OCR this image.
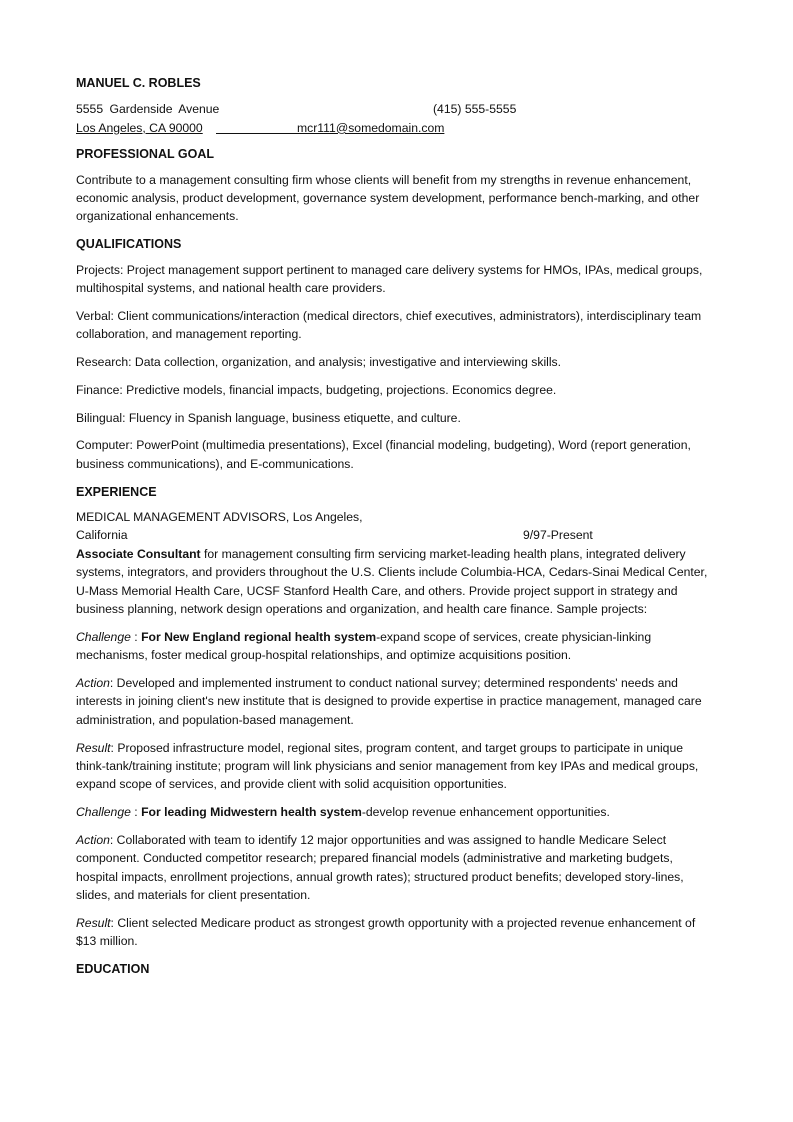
MANUEL C. ROBLES

5555 Gardenside Avenue	(415) 555-5555
Los Angeles, CA 90000	mcr111@somedomain.com

PROFESSIONAL GOAL

Contribute to a management consulting firm whose clients will benefit from my strengths in revenue enhancement, economic analysis, product development, governance system development, performance bench-marking, and other organizational enhancements.

QUALIFICATIONS

Projects: Project management support pertinent to managed care delivery systems for HMOs, IPAs, medical groups, multihospital systems, and national health care providers.

Verbal: Client communications/interaction (medical directors, chief executives, administrators), interdisciplinary team collaboration, and management reporting.

Research: Data collection, organization, and analysis; investigative and interviewing skills.

Finance: Predictive models, financial impacts, budgeting, projections. Economics degree.

Bilingual: Fluency in Spanish language, business etiquette, and culture.

Computer: PowerPoint (multimedia presentations), Excel (financial modeling, budgeting), Word (report generation, business communications), and E-communications.

EXPERIENCE

MEDICAL MANAGEMENT ADVISORS, Los Angeles,

California	9/97-Present

Associate Consultant for management consulting firm servicing market-leading health plans, integrated delivery systems, integrators, and providers throughout the U.S. Clients include Columbia-HCA, Cedars-Sinai Medical Center, U-Mass Memorial Health Care, UCSF Stanford Health Care, and others. Provide project support in strategy and business planning, network design operations and organization, and health care finance. Sample projects:

Challenge : For New England regional health system-expand scope of services, create physician-linking mechanisms, foster medical group-hospital relationships, and optimize acquisitions position.

Action: Developed and implemented instrument to conduct national survey; determined respondents' needs and interests in joining client's new institute that is designed to provide expertise in practice management, managed care administration, and population-based management.

Result: Proposed infrastructure model, regional sites, program content, and target groups to participate in unique think-tank/training institute; program will link physicians and senior management from key IPAs and medical groups, expand scope of services, and provide client with solid acquisition opportunities.

Challenge : For leading Midwestern health system-develop revenue enhancement opportunities.

Action: Collaborated with team to identify 12 major opportunities and was assigned to handle Medicare Select component. Conducted competitor research; prepared financial models (administrative and marketing budgets, hospital impacts, enrollment projections, annual growth rates); structured product benefits; developed story-lines, slides, and materials for client presentation.

Result: Client selected Medicare product as strongest growth opportunity with a projected revenue enhancement of $13 million.

EDUCATION
